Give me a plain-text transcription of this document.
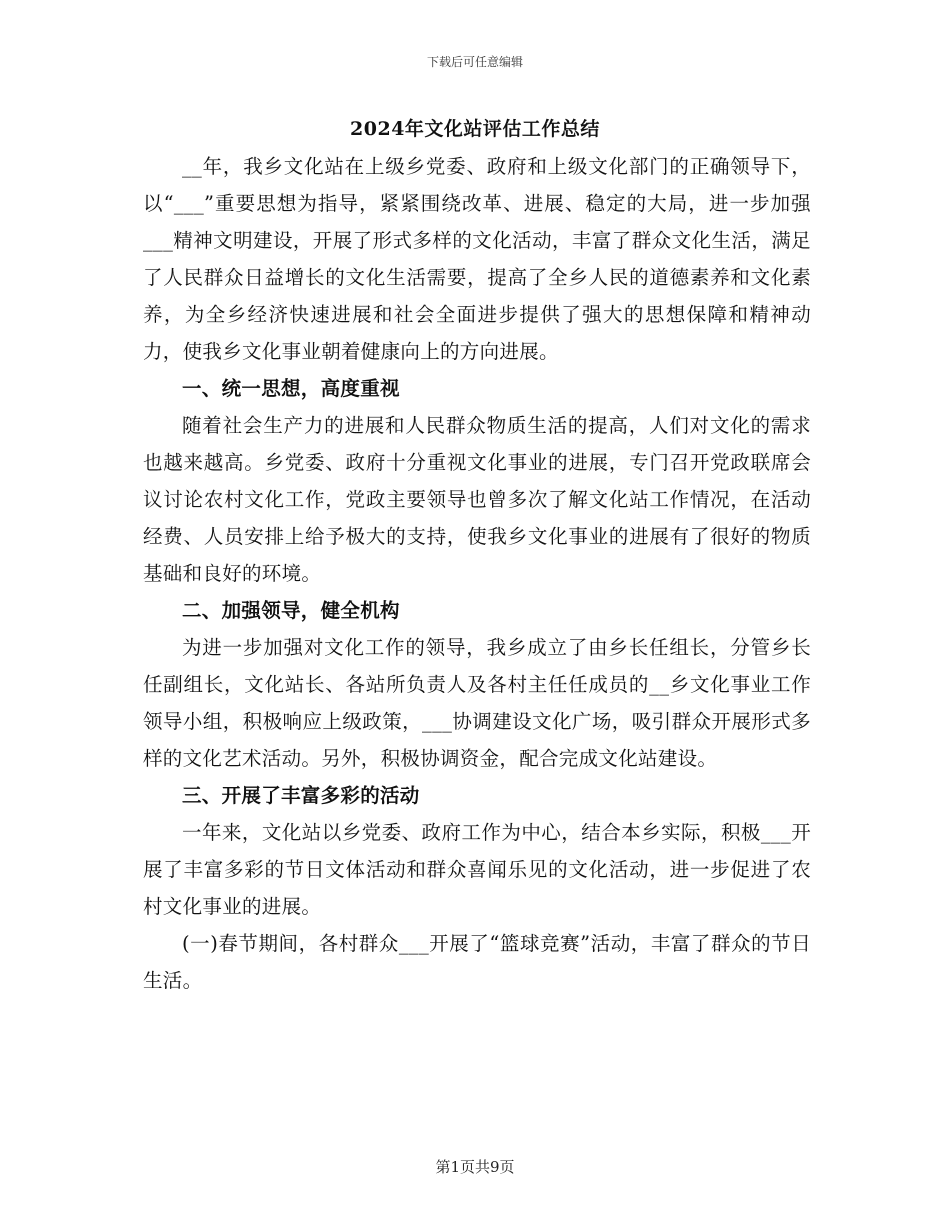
下载后可任意编辑
2024年文化站评估工作总结

__年，我乡文化站在上级乡党委、政府和上级文化部门的正确领导下，以“___”重要思想为指导，紧紧围绕改革、进展、稳定的大局，进一步加强___精神文明建设，开展了形式多样的文化活动，丰富了群众文化生活，满足了人民群众日益增长的文化生活需要，提高了全乡人民的道德素养和文化素养，为全乡经济快速进展和社会全面进步提供了强大的思想保障和精神动力，使我乡文化事业朝着健康向上的方向进展。

一、统一思想，高度重视

随着社会生产力的进展和人民群众物质生活的提高，人们对文化的需求也越来越高。乡党委、政府十分重视文化事业的进展，专门召开党政联席会议讨论农村文化工作，党政主要领导也曾多次了解文化站工作情况，在活动经费、人员安排上给予极大的支持，使我乡文化事业的进展有了很好的物质基础和良好的环境。

二、加强领导，健全机构

为进一步加强对文化工作的领导，我乡成立了由乡长任组长，分管乡长任副组长，文化站长、各站所负责人及各村主任任成员的__乡文化事业工作领导小组，积极响应上级政策，___协调建设文化广场，吸引群众开展形式多样的文化艺术活动。另外，积极协调资金，配合完成文化站建设。

三、开展了丰富多彩的活动

一年来，文化站以乡党委、政府工作为中心，结合本乡实际，积极___开展了丰富多彩的节日文体活动和群众喜闻乐见的文化活动，进一步促进了农村文化事业的进展。

(一)春节期间，各村群众___开展了“篮球竞赛”活动，丰富了群众的节日生活。

第1页共9页
